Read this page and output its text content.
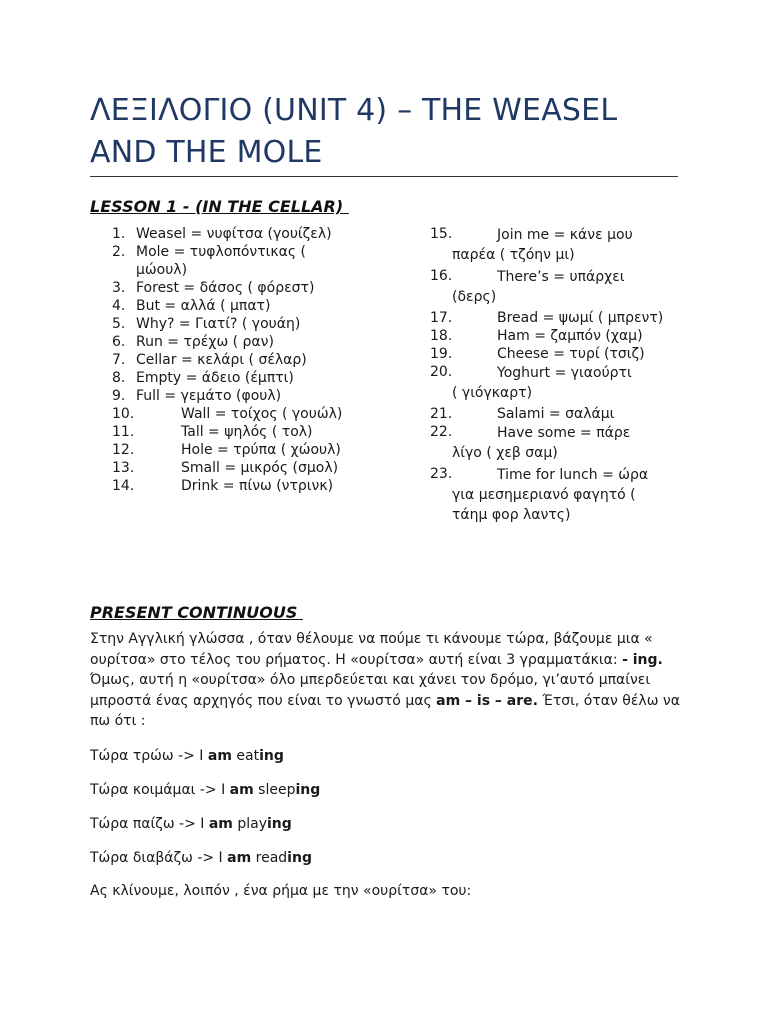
ΛΕΞΙΛΟΓΙΟ (UNIT 4) – THE WEASEL AND THE MOLE
LESSON 1 - (IN THE CELLAR)
1. Weasel = νυφίτσα (γουίζελ)
2. Mole = τυφλοπόντικας ( μώουλ)
3. Forest = δάσος ( φόρεστ)
4. But = αλλά ( μπατ)
5. Why? = Γιατί? ( γουάη)
6. Run = τρέχω ( ραν)
7. Cellar = κελάρι ( σέλαρ)
8. Empty = άδειο (έμπτι)
9. Full = γεμάτο (φουλ)
10.	Wall = τοίχος ( γουώλ)
11.	Tall = ψηλός ( τολ)
12.	Hole = τρύπα ( χώουλ)
13.	Small = μικρός (σμολ)
14.	Drink = πίνω (ντρινκ)
15.	Join me = κάνε μου παρέα ( τζόην μι)
16.	There’s = υπάρχει (δερς)
17.	Bread = ψωμί ( μπρεντ)
18.	Ham = ζαμπόν (χαμ)
19.	Cheese = τυρί (τσιζ)
20.	Yoghurt = γιαούρτι ( γιόγκαρτ)
21.	Salami = σαλάμι
22.	Have some = πάρε λίγο ( χεβ σαμ)
23.	Time for lunch = ώρα για μεσημεριανό φαγητό ( τάημ φορ λαντς)
PRESENT CONTINUOUS
Στην Αγγλική γλώσσα , όταν θέλουμε να πούμε τι κάνουμε τώρα, βάζουμε μια « ουρίτσα» στο τέλος του ρήματος. Η «ουρίτσα» αυτή είναι 3 γραμματάκια: - ing. Όμως, αυτή η «ουρίτσα» όλο μπερδεύεται και χάνει τον δρόμο, γι’αυτό μπαίνει μπροστά ένας αρχηγός που είναι το γνωστό μας am – is – are. Έτσι, όταν θέλω να πω ότι :
Τώρα τρώω -> I am eating
Τώρα κοιμάμαι -> I am sleeping
Τώρα παίζω -> I am playing
Τώρα διαβάζω -> I am reading
Ας κλίνουμε, λοιπόν , ένα ρήμα με την «ουρίτσα» του:
